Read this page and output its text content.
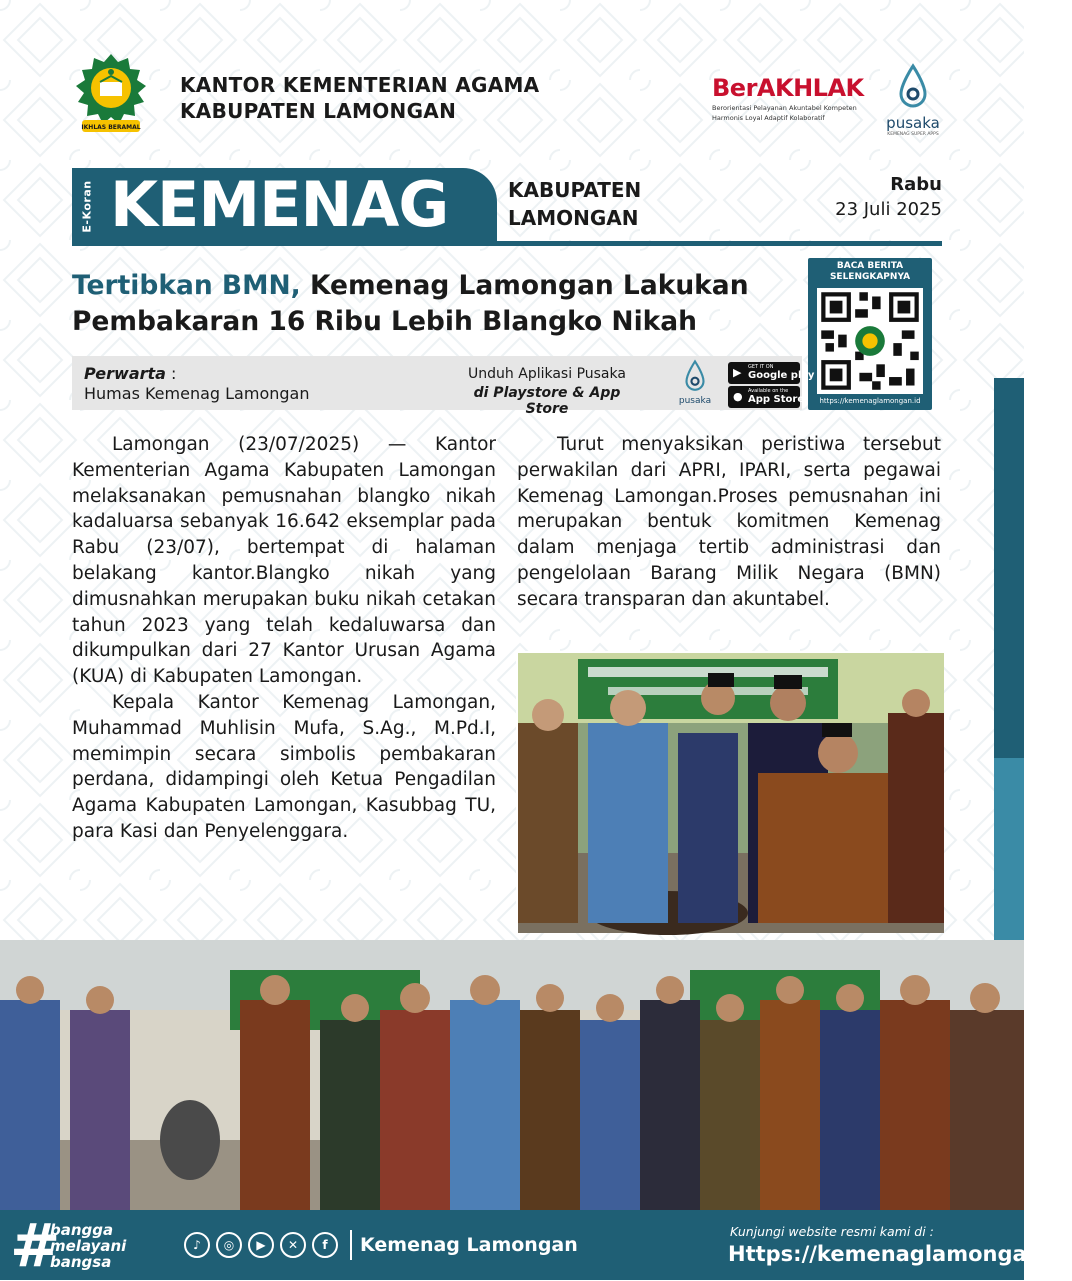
IKHLAS BERAMAL
KANTOR KEMENTERIAN AGAMA
KABUPATEN LAMONGAN
BerAKHLAK
Berorientasi Pelayanan Akuntabel Kompeten
Harmonis Loyal Adaptif Kolaboratif	pusaka
KEMENAG SUPER APPS
E-Koran KEMENAG	KABUPATEN
LAMONGAN
Rabu
23 Juli 2025
Tertibkan BMN, Kemenag Lamongan Lakukan Pembakaran 16 Ribu Lebih Blangko Nikah
BACA BERITA
SELENGKAPNYA
https://kemenaglamongan.id
Perwarta :
Humas Kemenag Lamongan
Unduh Aplikasi Pusaka
di Playstore & App Store	pusaka
▶ GET IT ON
Google play
● Available on the
App Store

Lamongan (23/07/2025) — Kantor Kementerian Agama Kabupaten Lamongan melaksanakan pemusnahan blangko nikah kadaluarsa sebanyak 16.642 eksemplar pada Rabu (23/07), bertempat di halaman belakang kantor.Blangko nikah yang dimusnahkan merupakan buku nikah cetakan tahun 2023 yang telah kedaluwarsa dan dikumpulkan dari 27 Kantor Urusan Agama (KUA) di Kabupaten Lamongan.

Kepala Kantor Kemenag Lamongan, Muhammad Muhlisin Mufa, S.Ag., M.Pd.I, memimpin secara simbolis pembakaran perdana, didampingi oleh Ketua Pengadilan Agama Kabupaten Lamongan, Kasubbag TU, para Kasi dan Penyelenggara.

Turut menyaksikan peristiwa tersebut perwakilan dari APRI, IPARI, serta pegawai Kemenag Lamongan.Proses pemusnahan ini merupakan bentuk komitmen Kemenag dalam menjaga tertib administrasi dan pengelolaan Barang Milik Negara (BMN) secara transparan dan akuntabel.

#
bangga
melayani
bangsa
♪	◎	▶	✕	f	Kemenag Lamongan
Kunjungi website resmi kami di :
Https://kemenaglamongan.id
